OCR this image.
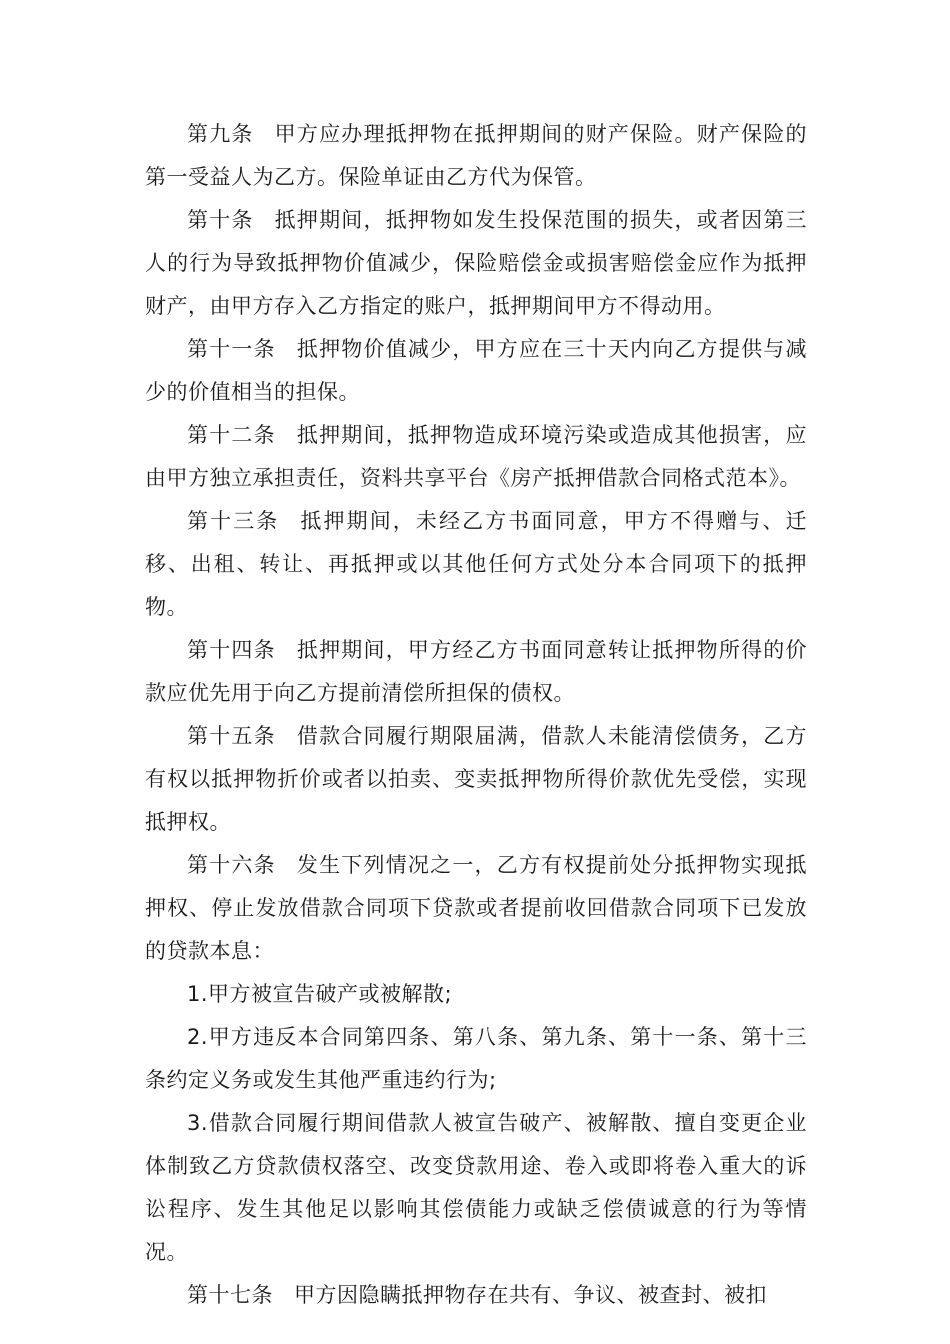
第九条 甲方应办理抵押物在抵押期间的财产保险。财产保险的第一受益人为乙方。保险单证由乙方代为保管。

第十条 抵押期间，抵押物如发生投保范围的损失，或者因第三人的行为导致抵押物价值减少，保险赔偿金或损害赔偿金应作为抵押财产，由甲方存入乙方指定的账户，抵押期间甲方不得动用。

第十一条 抵押物价值减少，甲方应在三十天内向乙方提供与减少的价值相当的担保。

第十二条 抵押期间，抵押物造成环境污染或造成其他损害，应由甲方独立承担责任，资料共享平台《房产抵押借款合同格式范本》。

第十三条 抵押期间，未经乙方书面同意，甲方不得赠与、迁移、出租、转让、再抵押或以其他任何方式处分本合同项下的抵押物。

第十四条 抵押期间，甲方经乙方书面同意转让抵押物所得的价款应优先用于向乙方提前清偿所担保的债权。

第十五条 借款合同履行期限届满，借款人未能清偿债务，乙方有权以抵押物折价或者以拍卖、变卖抵押物所得价款优先受偿，实现抵押权。

第十六条 发生下列情况之一，乙方有权提前处分抵押物实现抵押权、停止发放借款合同项下贷款或者提前收回借款合同项下已发放的贷款本息：

1.甲方被宣告破产或被解散;

2.甲方违反本合同第四条、第八条、第九条、第十一条、第十三条约定义务或发生其他严重违约行为;

3.借款合同履行期间借款人被宣告破产、被解散、擅自变更企业体制致乙方贷款债权落空、改变贷款用途、卷入或即将卷入重大的诉讼程序、发生其他足以影响其偿债能力或缺乏偿债诚意的行为等情况。

第十七条 甲方因隐瞒抵押物存在共有、争议、被查封、被扣
